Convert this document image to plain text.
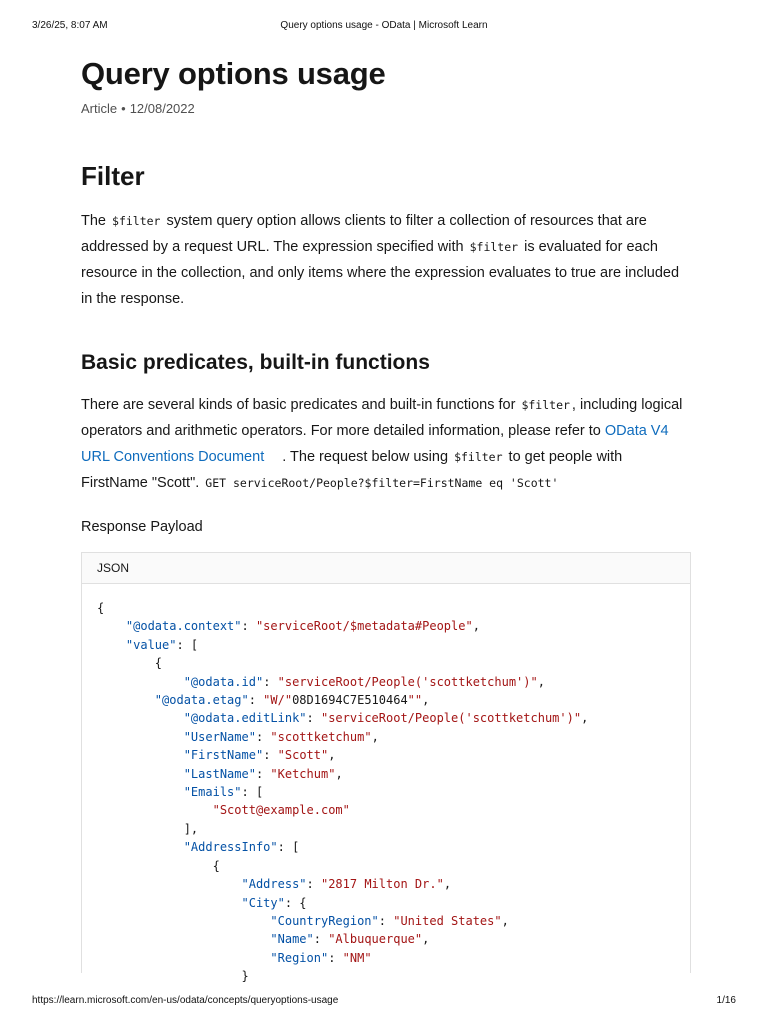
3/26/25, 8:07 AM	Query options usage - OData | Microsoft Learn
Query options usage
Article • 12/08/2022
Filter

The $filter system query option allows clients to filter a collection of resources that are addressed by a request URL. The expression specified with $filter is evaluated for each resource in the collection, and only items where the expression evaluates to true are included in the response.

Basic predicates, built-in functions

There are several kinds of basic predicates and built-in functions for $filter , including logical operators and arithmetic operators. For more detailed information, please refer to OData V4 URL Conventions Document . The request below using $filter to get people with FirstName "Scott". GET serviceRoot/People?$filter=FirstName eq 'Scott'

Response Payload

JSON
{
"@odata.context": "serviceRoot/$metadata#People",
"value": [
{
"@odata.id": "serviceRoot/People('scottketchum')",
"@odata.etag": "W/"08D1694C7E510464"",
"@odata.editLink": "serviceRoot/People('scottketchum')",
"UserName": "scottketchum",
"FirstName": "Scott",
"LastName": "Ketchum",
"Emails": [
"Scott@example.com"
],
"AddressInfo": [
{
"Address": "2817 Milton Dr.",
"City": {
"CountryRegion": "United States",
"Name": "Albuquerque",
"Region": "NM"
}
https://learn.microsoft.com/en-us/odata/concepts/queryoptions-usage	1/16
